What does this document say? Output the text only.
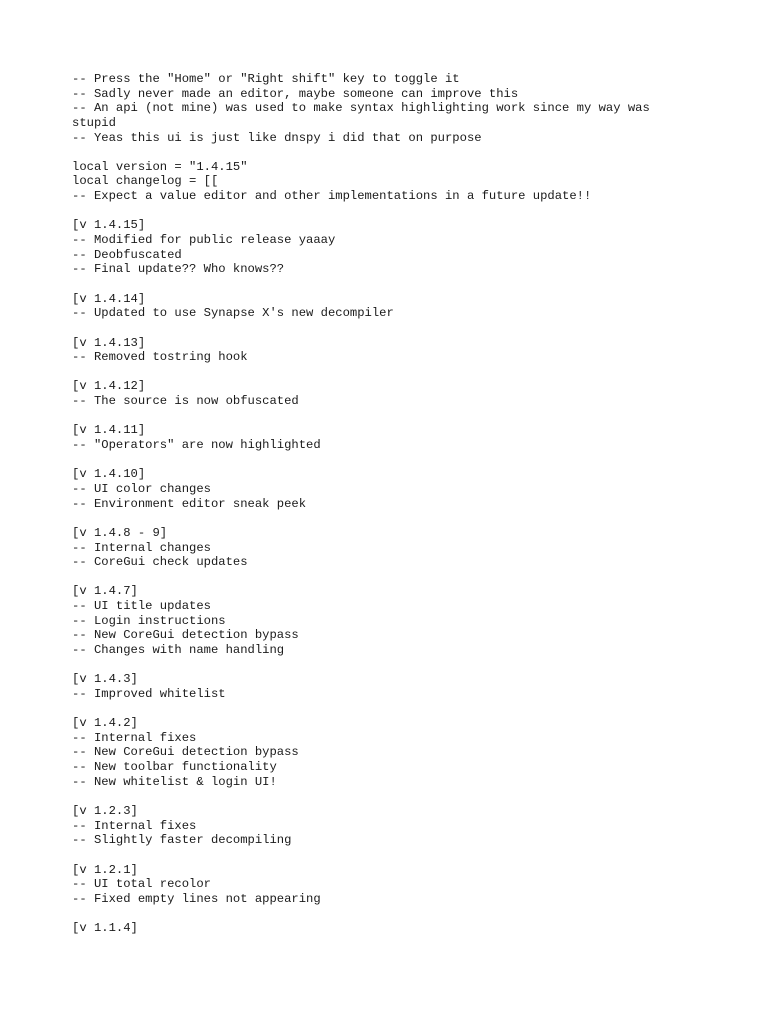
-- Press the "Home" or "Right shift" key to toggle it
-- Sadly never made an editor, maybe someone can improve this
-- An api (not mine) was used to make syntax highlighting work since my way was
stupid
-- Yeas this ui is just like dnspy i did that on purpose
local version = "1.4.15"
local changelog = [[
-- Expect a value editor and other implementations in a future update!!
[v 1.4.15]
-- Modified for public release yaaay
-- Deobfuscated
-- Final update?? Who knows??
[v 1.4.14]
-- Updated to use Synapse X's new decompiler
[v 1.4.13]
-- Removed tostring hook
[v 1.4.12]
-- The source is now obfuscated
[v 1.4.11]
-- "Operators" are now highlighted
[v 1.4.10]
-- UI color changes
-- Environment editor sneak peek
[v 1.4.8 - 9]
-- Internal changes
-- CoreGui check updates
[v 1.4.7]
-- UI title updates
-- Login instructions
-- New CoreGui detection bypass
-- Changes with name handling
[v 1.4.3]
-- Improved whitelist
[v 1.4.2]
-- Internal fixes
-- New CoreGui detection bypass
-- New toolbar functionality
-- New whitelist & login UI!
[v 1.2.3]
-- Internal fixes
-- Slightly faster decompiling
[v 1.2.1]
-- UI total recolor
-- Fixed empty lines not appearing
[v 1.1.4]
